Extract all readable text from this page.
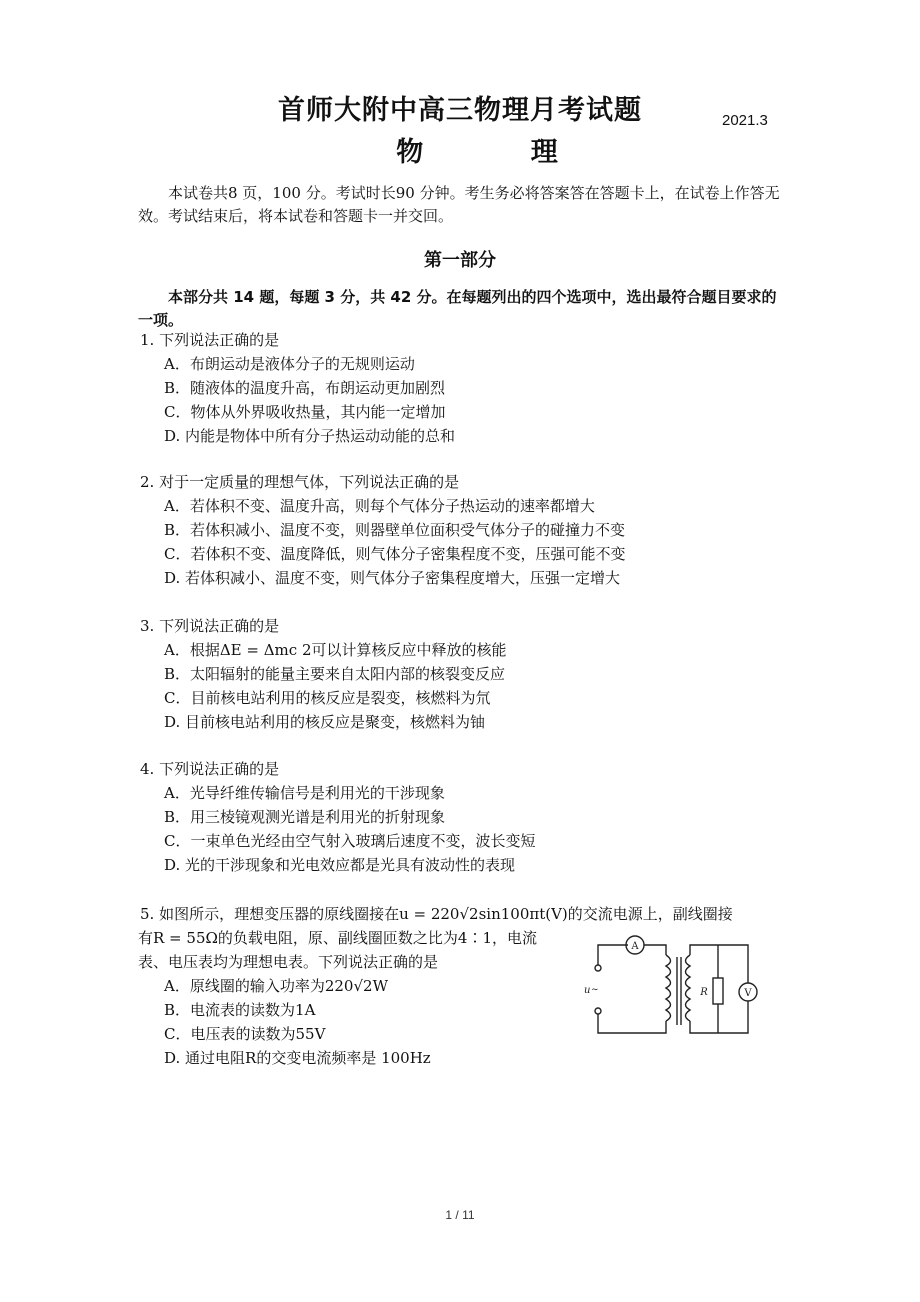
首师大附中高三物理月考试题	2021.3
物 理
本试卷共8 页，100 分。考试时长90 分钟。考生务必将答案答在答题卡上，在试卷上作答无效。考试结束后，将本试卷和答题卡一并交回。
第一部分
本部分共 14 题，每题 3 分，共 42 分。在每题列出的四个选项中，选出最符合题目要求的一项。
1. 下列说法正确的是
A．布朗运动是液体分子的无规则运动
B．随液体的温度升高，布朗运动更加剧烈
C．物体从外界吸收热量，其内能一定增加
D. 内能是物体中所有分子热运动动能的总和
2. 对于一定质量的理想气体，下列说法正确的是
A．若体积不变、温度升高，则每个气体分子热运动的速率都增大
B．若体积减小、温度不变，则器壁单位面积受气体分子的碰撞力不变
C．若体积不变、温度降低，则气体分子密集程度不变，压强可能不变
D. 若体积减小、温度不变，则气体分子密集程度增大，压强一定增大
3. 下列说法正确的是
A．根据ΔE = Δmc 2可以计算核反应中释放的核能
B．太阳辐射的能量主要来自太阳内部的核裂变反应
C．目前核电站利用的核反应是裂变，核燃料为氘
D. 目前核电站利用的核反应是聚变，核燃料为铀
4. 下列说法正确的是
A．光导纤维传输信号是利用光的干涉现象
B．用三棱镜观测光谱是利用光的折射现象
C．一束单色光经由空气射入玻璃后速度不变，波长变短
D. 光的干涉现象和光电效应都是光具有波动性的表现
5. 如图所示，理想变压器的原线圈接在u = 220√2sin100πt(V)的交流电源上，副线圈接
有R = 55Ω的负载电阻，原、副线圈匝数之比为4∶1，电流
表、电压表均为理想电表。下列说法正确的是
A．原线圈的输入功率为220√2W
B．电流表的读数为1A
C．电压表的读数为55V
D. 通过电阻R的交变电流频率是 100Hz
A
V
R
u ~
1 / 11
